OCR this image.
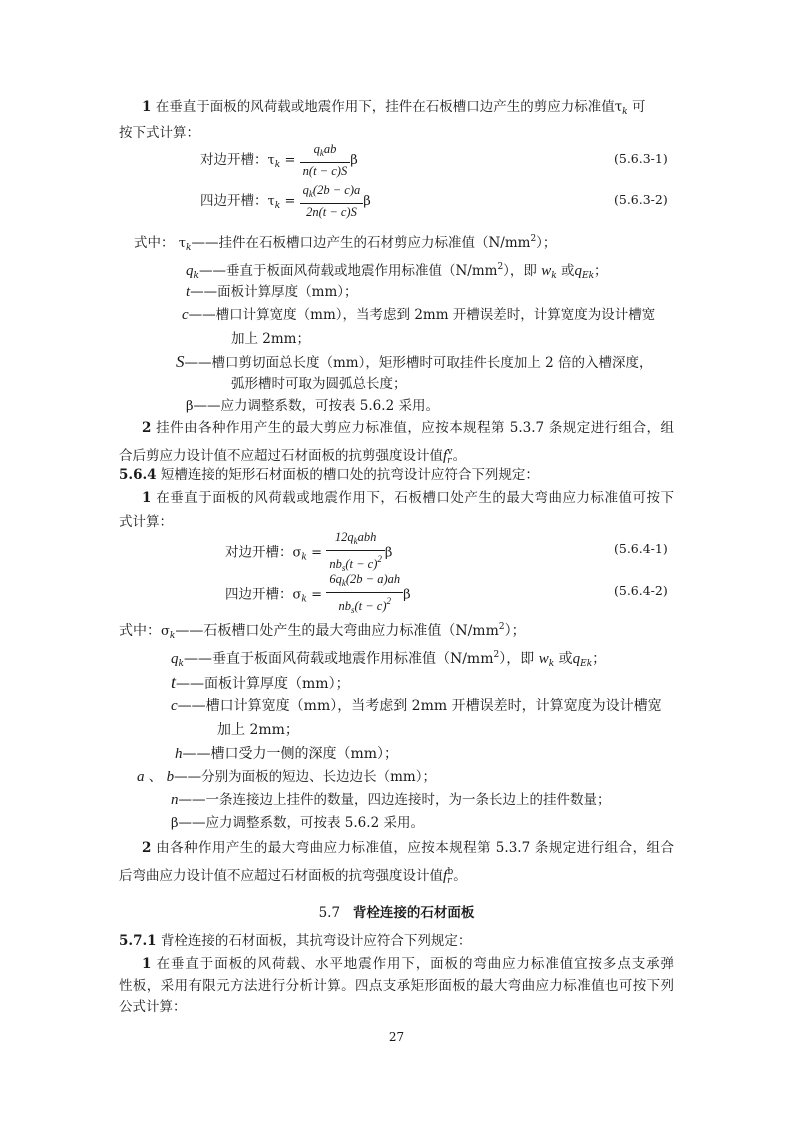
1 在垂直于面板的风荷载或地震作用下，挂件在石板槽口边产生的剪应力标准值$\tau_k$ 可
按下式计算：
对边开槽：$\tau_k = \frac{q_kab}{n(t - c)S}$ β	(5.6.3-1)
四边开槽：$\tau_k = \frac{q_k(2b - c)a}{2n(t - c)S}$ β	(5.6.3-2)
式中： $\tau_k——$挂件在石板槽口边产生的石材剪应力标准值$(N/mm^2)$；
$q_k——$垂直于板面风荷载或地震作用标准值$(N/mm^2)$，即 $w_k$ 或$q_{Ek}$；
t——面板计算厚度（mm）；
c——槽口计算宽度（mm），当考虑到 2mm 开槽误差时，计算宽度为设计槽宽
加上 2mm；
S——槽口剪切面总长度（mm），矩形槽时可取挂件长度加上 2 倍的入槽深度，
弧形槽时可取为圆弧总长度；
β——应力调整系数，可按表 5.6.2 采用。
2 挂件由各种作用产生的最大剪应力标准值，应按本规程第 5.3.7 条规定进行组合，组
合后剪应力设计值不应超过石材面板的抗剪强度设计值$f_r^v$。
5.6.4 短槽连接的矩形石材面板的槽口处的抗弯设计应符合下列规定：
1 在垂直于面板的风荷载或地震作用下，石板槽口处产生的最大弯曲应力标准值可按下
式计算：
对边开槽：$\sigma_k = \frac{12q_kabh}{nb_s(t - c)^2}$ β	(5.6.4-1)
四边开槽：$\sigma_k = \frac{6q_k(2b - a)ah}{nb_s(t - c)^2}$ β	(5.6.4-2)
式中：$\sigma_k——$石板槽口处产生的最大弯曲应力标准值$(N/mm^2)$；
$q_k——$垂直于板面风荷载或地震作用标准值$(N/mm^2)$，即 $w_k$ 或$q_{Ek}$；
t——面板计算厚度（mm）；
c——槽口计算宽度（mm），当考虑到 2mm 开槽误差时，计算宽度为设计槽宽
加上 2mm；
h——槽口受力一侧的深度（mm）；
a 、 b——分别为面板的短边、长边边长（mm）；
n——一条连接边上挂件的数量，四边连接时，为一条长边上的挂件数量；
β——应力调整系数，可按表 5.6.2 采用。
2 由各种作用产生的最大弯曲应力标准值，应按本规程第 5.3.7 条规定进行组合，组合
后弯曲应力设计值不应超过石材面板的抗弯强度设计值$f_r^b$。
5.7 背栓连接的石材面板
5.7.1 背栓连接的石材面板，其抗弯设计应符合下列规定：
1 在垂直于面板的风荷载、水平地震作用下，面板的弯曲应力标准值宜按多点支承弹
性板，采用有限元方法进行分析计算。四点支承矩形面板的最大弯曲应力标准值也可按下列
公式计算：
27
